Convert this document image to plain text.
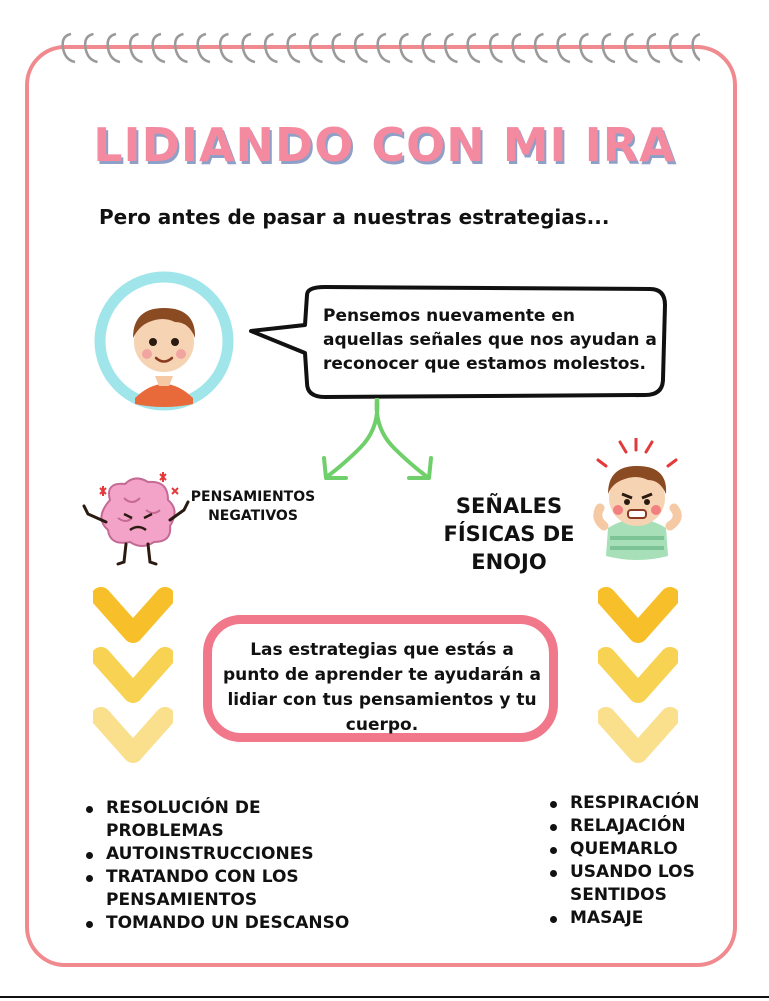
LIDIANDO CON MI IRA
Pero antes de pasar a nuestras estrategias...
Pensemos nuevamente en aquellas señales que nos ayudan a reconocer que estamos molestos.
PENSAMIENTOS NEGATIVOS	SEÑALES FÍSICAS DE ENOJO
Las estrategias que estás a punto de aprender te ayudarán a lidiar con tus pensamientos y tu cuerpo.
RESOLUCIÓN DE PROBLEMAS
AUTOINSTRUCCIONES
TRATANDO CON LOS PENSAMIENTOS
TOMANDO UN DESCANSO
RESPIRACIÓN
RELAJACIÓN
QUEMARLO
USANDO LOS SENTIDOS
MASAJE
